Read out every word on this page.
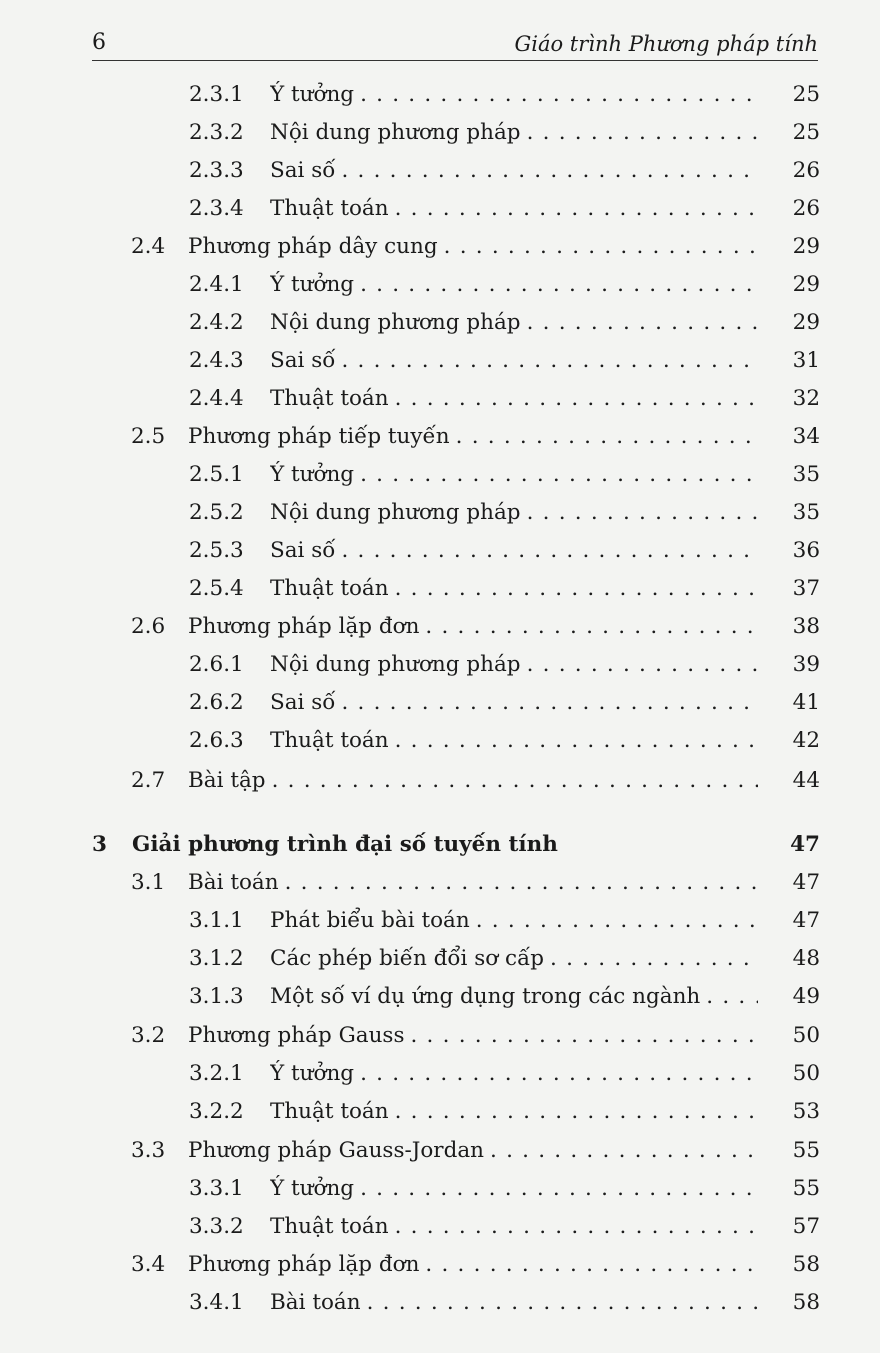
6	Giáo trình Phương pháp tính
2.3.1 Ý tưởng . . .	25
2.3.2 Nội dung phương pháp . . .	25
2.3.3 Sai số . . .	26
2.3.4 Thuật toán . . .	26
2.4 Phương pháp dây cung . . .	29
2.4.1 Ý tưởng . . .	29
2.4.2 Nội dung phương pháp . . .	29
2.4.3 Sai số . . .	31
2.4.4 Thuật toán . . .	32
2.5 Phương pháp tiếp tuyến . . .	34
2.5.1 Ý tưởng . . .	35
2.5.2 Nội dung phương pháp . . .	35
2.5.3 Sai số . . .	36
2.5.4 Thuật toán . . .	37
2.6 Phương pháp lặp đơn . . .	38
2.6.1 Nội dung phương pháp . . .	39
2.6.2 Sai số . . .	41
2.6.3 Thuật toán . . .	42
2.7 Bài tập . . .	44
3 Giải phương trình đại số tuyến tính	47
3.1 Bài toán . . .	47
3.1.1 Phát biểu bài toán . . .	47
3.1.2 Các phép biến đổi sơ cấp . . .	48
3.1.3 Một số ví dụ ứng dụng trong các ngành . . .	49
3.2 Phương pháp Gauss . . .	50
3.2.1 Ý tưởng . . .	50
3.2.2 Thuật toán . . .	53
3.3 Phương pháp Gauss-Jordan . . .	55
3.3.1 Ý tưởng . . .	55
3.3.2 Thuật toán . . .	57
3.4 Phương pháp lặp đơn . . .	58
3.4.1 Bài toán . . .	58
